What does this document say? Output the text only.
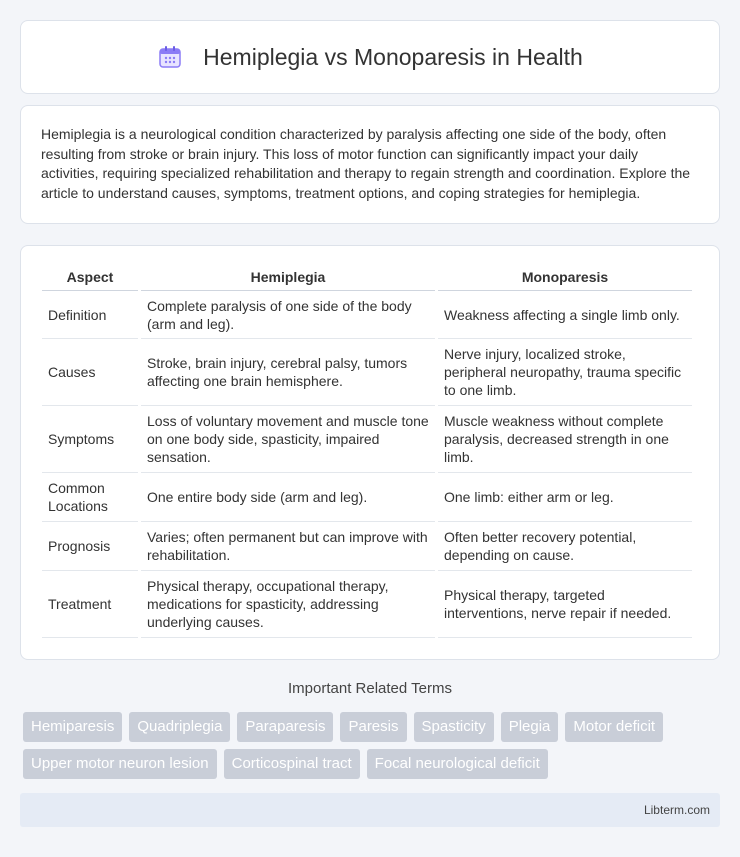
Hemiplegia vs Monoparesis in Health

Hemiplegia is a neurological condition characterized by paralysis affecting one side of the body, often resulting from stroke or brain injury. This loss of motor function can significantly impact your daily activities, requiring specialized rehabilitation and therapy to regain strength and coordination. Explore the article to understand causes, symptoms, treatment options, and coping strategies for hemiplegia.

Aspect	Hemiplegia	Monoparesis
Definition	Complete paralysis of one side of the body (arm and leg).	Weakness affecting a single limb only.
Causes	Stroke, brain injury, cerebral palsy, tumors affecting one brain hemisphere.	Nerve injury, localized stroke, peripheral neuropathy, trauma specific to one limb.
Symptoms	Loss of voluntary movement and muscle tone on one body side, spasticity, impaired sensation.	Muscle weakness without complete paralysis, decreased strength in one limb.
Common Locations	One entire body side (arm and leg).	One limb: either arm or leg.
Prognosis	Varies; often permanent but can improve with rehabilitation.	Often better recovery potential, depending on cause.
Treatment	Physical therapy, occupational therapy, medications for spasticity, addressing underlying causes.	Physical therapy, targeted interventions, nerve repair if needed.
Important Related Terms
Hemiparesis	Quadriplegia	Paraparesis	Paresis	Spasticity	Plegia	Motor deficit
Upper motor neuron lesion	Corticospinal tract	Focal neurological deficit
Libterm.com
